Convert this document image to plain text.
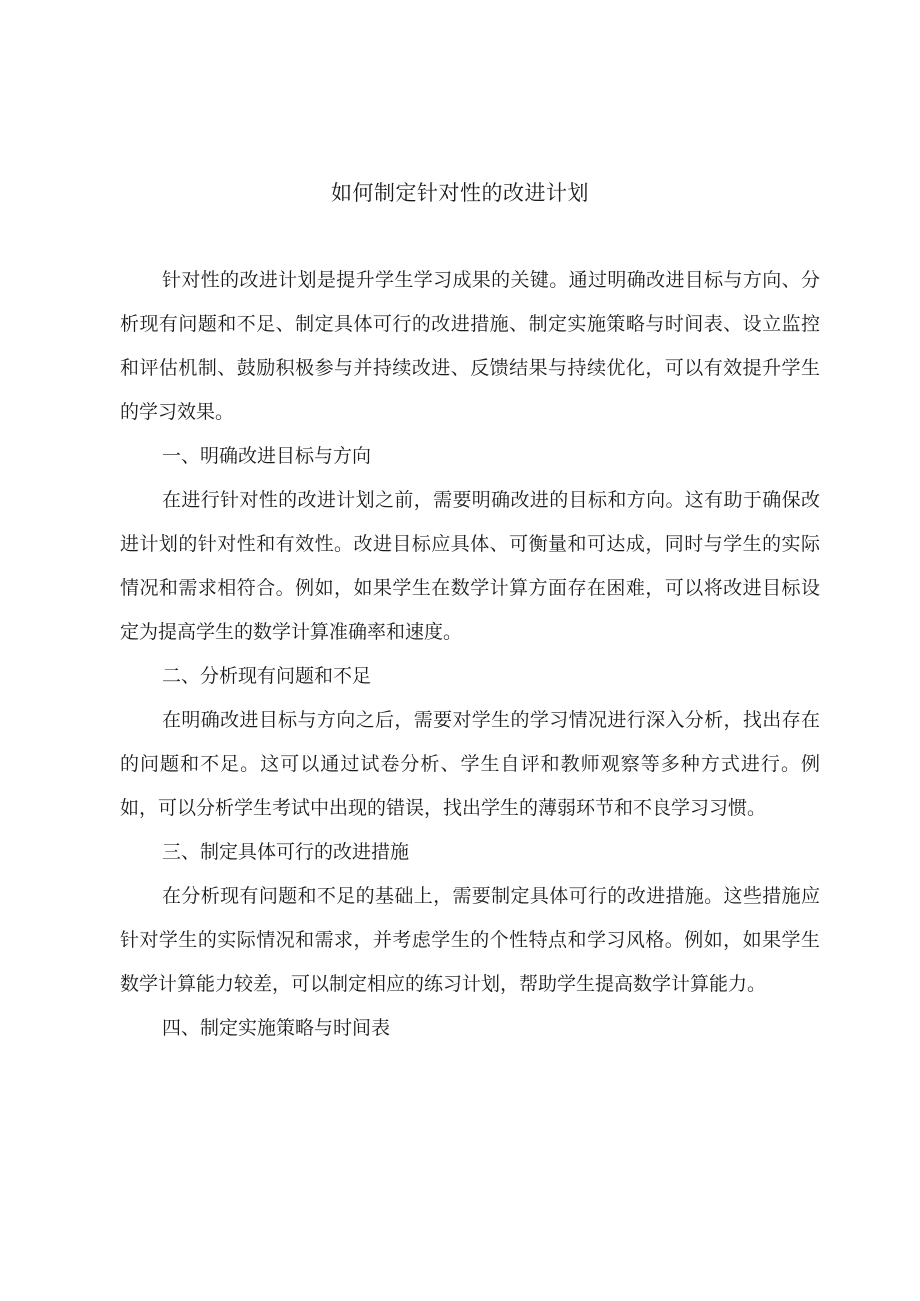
如何制定针对性的改进计划

针对性的改进计划是提升学生学习成果的关键。通过明确改进目标与方向、分析现有问题和不足、制定具体可行的改进措施、制定实施策略与时间表、设立监控和评估机制、鼓励积极参与并持续改进、反馈结果与持续优化，可以有效提升学生的学习效果。

一、明确改进目标与方向

在进行针对性的改进计划之前，需要明确改进的目标和方向。这有助于确保改进计划的针对性和有效性。改进目标应具体、可衡量和可达成，同时与学生的实际情况和需求相符合。例如，如果学生在数学计算方面存在困难，可以将改进目标设定为提高学生的数学计算准确率和速度。

二、分析现有问题和不足

在明确改进目标与方向之后，需要对学生的学习情况进行深入分析，找出存在的问题和不足。这可以通过试卷分析、学生自评和教师观察等多种方式进行。例如，可以分析学生考试中出现的错误，找出学生的薄弱环节和不良学习习惯。

三、制定具体可行的改进措施

在分析现有问题和不足的基础上，需要制定具体可行的改进措施。这些措施应针对学生的实际情况和需求，并考虑学生的个性特点和学习风格。例如，如果学生数学计算能力较差，可以制定相应的练习计划，帮助学生提高数学计算能力。

四、制定实施策略与时间表
